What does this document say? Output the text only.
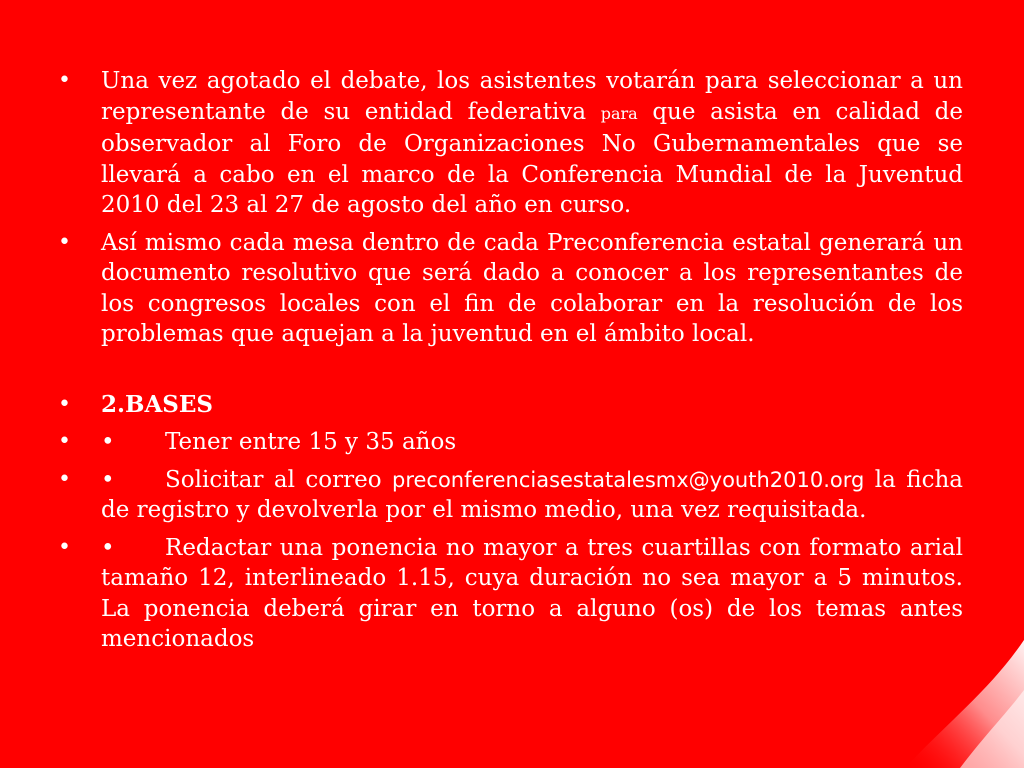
• Una vez agotado el debate, los asistentes votarán para seleccionar a un representante de su entidad federativa para que asista en calidad de observador al Foro de Organizaciones No Gubernamentales que se llevará a cabo en el marco de la Conferencia Mundial de la Juventud 2010 del 23 al 27 de agosto del año en curso.

• Así mismo cada mesa dentro de cada Preconferencia estatal generará un documento resolutivo que será dado a conocer a los representantes de los congresos locales con el fin de colaborar en la resolución de los problemas que aquejan a la juventud en el ámbito local.

• 2.BASES

• • Tener entre 15 y 35 años

• • Solicitar al correo preconferenciasestatalesmx@youth2010.org la ficha de registro y devolverla por el mismo medio, una vez requisitada.

• • Redactar una ponencia no mayor a tres cuartillas con formato arial tamaño 12, interlineado 1.15, cuya duración no sea mayor a 5 minutos. La ponencia deberá girar en torno a alguno (os) de los temas antes mencionados
